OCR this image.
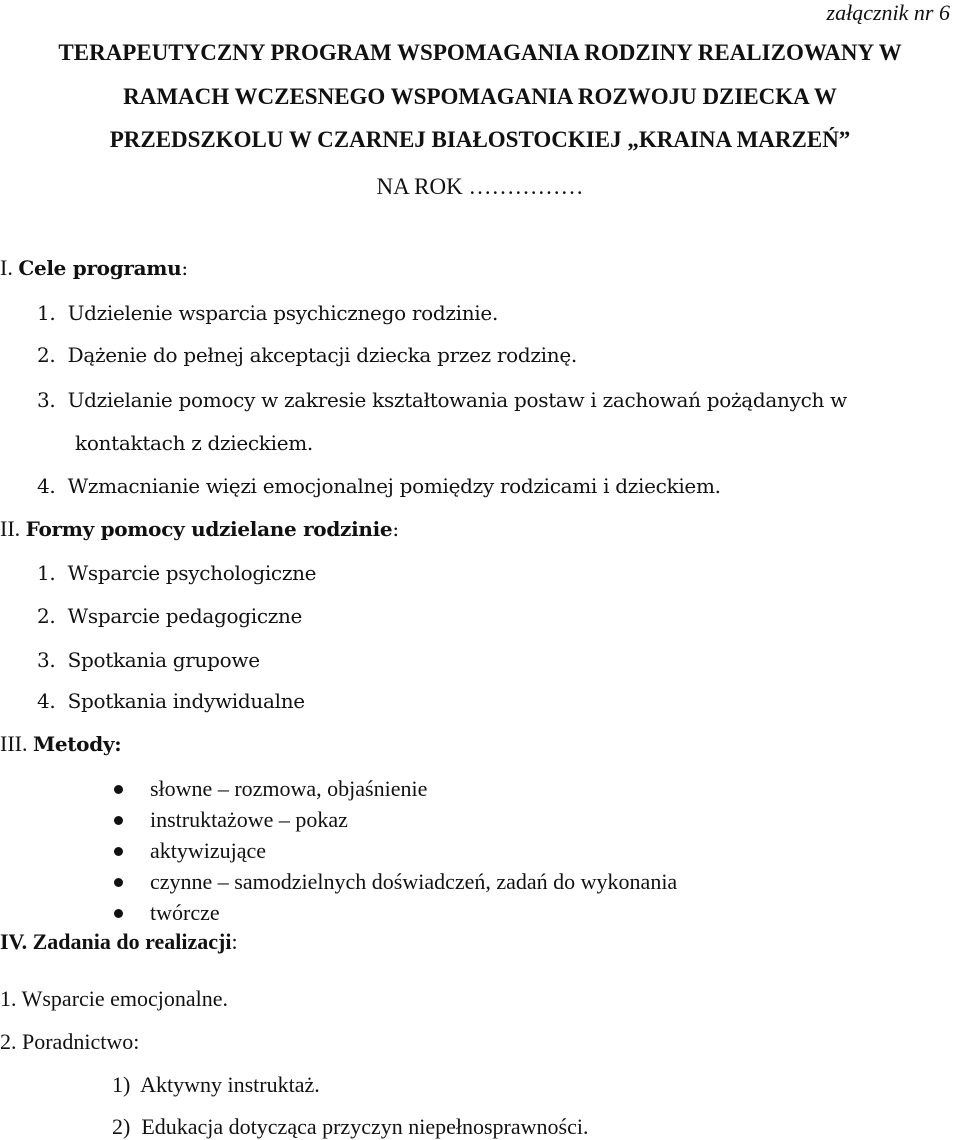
załącznik nr 6
TERAPEUTYCZNY PROGRAM WSPOMAGANIA RODZINY REALIZOWANY W
RAMACH WCZESNEGO WSPOMAGANIA ROZWOJU DZIECKA W
PRZEDSZKOLU W CZARNEJ BIAŁOSTOCKIEJ „KRAINA MARZEŃ”
NA ROK ……………
I. Cele programu:
1. Udzielenie wsparcia psychicznego rodzinie.
2. Dążenie do pełnej akceptacji dziecka przez rodzinę.
3. Udzielanie pomocy w zakresie kształtowania postaw i zachowań pożądanych w
kontaktach z dzieckiem.
4. Wzmacnianie więzi emocjonalnej pomiędzy rodzicami i dzieckiem.
II. Formy pomocy udzielane rodzinie:
1. Wsparcie psychologiczne
2. Wsparcie pedagogiczne
3. Spotkania grupowe
4. Spotkania indywidualne
III. Metody:
słowne – rozmowa, objaśnienie
instruktażowe – pokaz
aktywizujące
czynne – samodzielnych doświadczeń, zadań do wykonania
twórcze
IV. Zadania do realizacji:
1. Wsparcie emocjonalne.
2. Poradnictwo:
1) Aktywny instruktaż.
2) Edukacja dotycząca przyczyn niepełnosprawności.
